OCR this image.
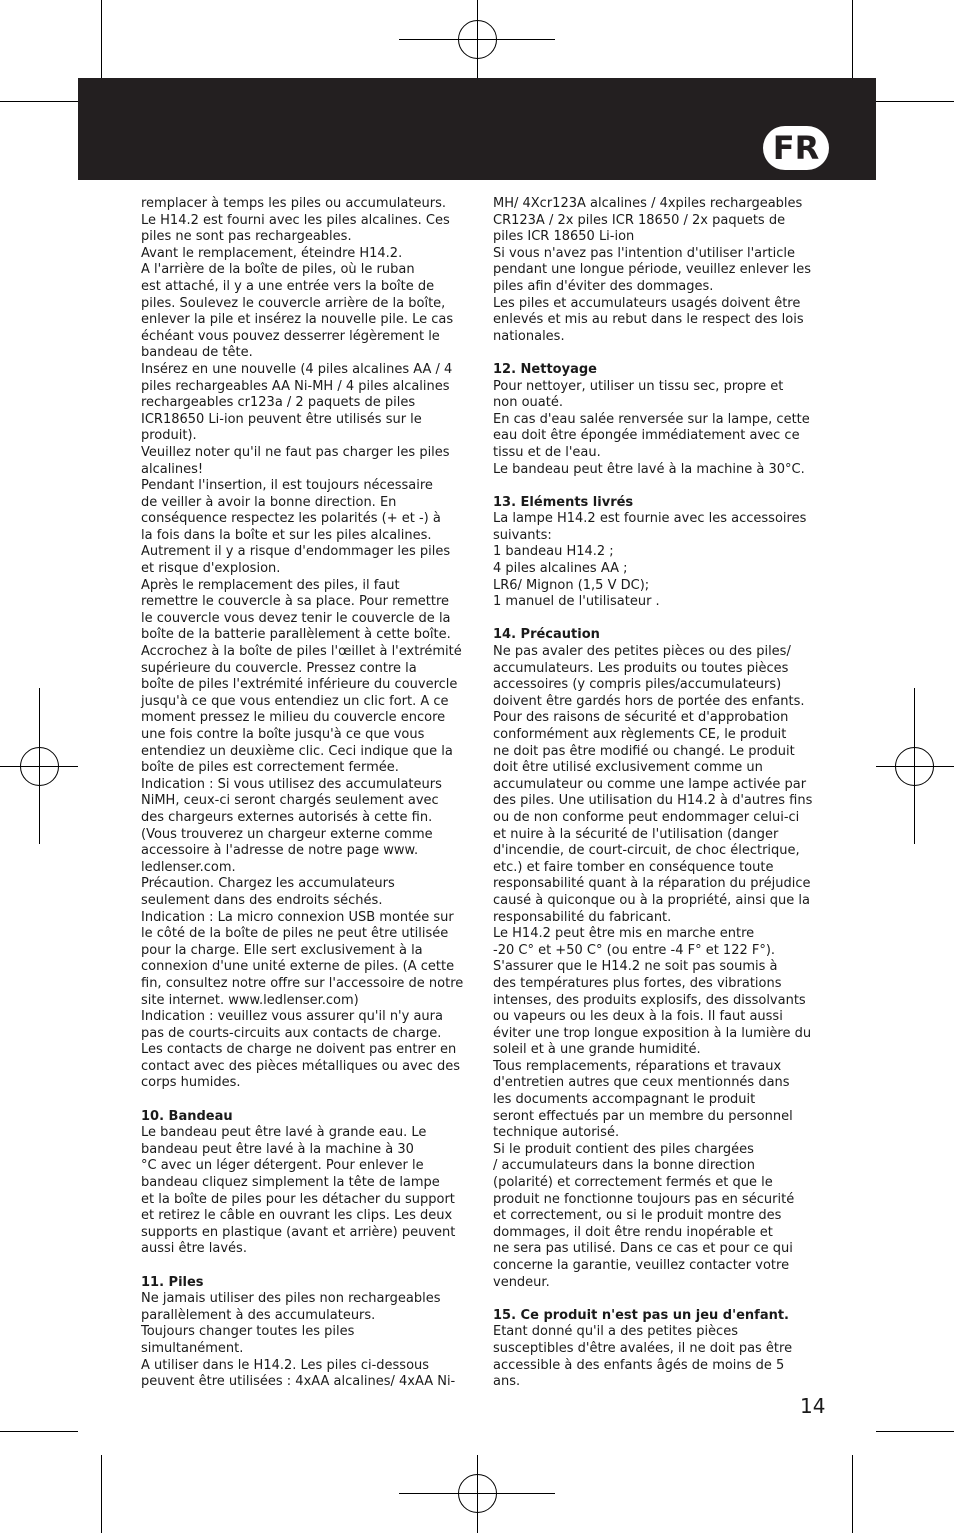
FR

remplacer à temps les piles ou accumulateurs.
Le H14.2 est fourni avec les piles alcalines. Ces
piles ne sont pas rechargeables.
Avant le remplacement, éteindre H14.2.
A l'arrière de la boîte de piles, où le ruban
est attaché, il y a une entrée vers la boîte de
piles. Soulevez le couvercle arrière de la boîte,
enlever la pile et insérez la nouvelle pile. Le cas
échéant vous pouvez desserrer légèrement le
bandeau de tête.
Insérez en une nouvelle (4 piles alcalines AA / 4
piles rechargeables AA Ni-MH / 4 piles alcalines
rechargeables cr123a / 2 paquets de piles
ICR18650 Li-ion peuvent être utilisés sur le
produit).
Veuillez noter qu'il ne faut pas charger les piles
alcalines!
Pendant l'insertion, il est toujours nécessaire
de veiller à avoir la bonne direction. En
conséquence respectez les polarités (+ et -) à
la fois dans la boîte et sur les piles alcalines.
Autrement il y a risque d'endommager les piles
et risque d'explosion.
Après le remplacement des piles, il faut
remettre le couvercle à sa place. Pour remettre
le couvercle vous devez tenir le couvercle de la
boîte de la batterie parallèlement à cette boîte.
Accrochez à la boîte de piles l'œillet à l'extrémité
supérieure du couvercle. Pressez contre la
boîte de piles l'extrémité inférieure du couvercle
jusqu'à ce que vous entendiez un clic fort. A ce
moment pressez le milieu du couvercle encore
une fois contre la boîte jusqu'à ce que vous
entendiez un deuxième clic. Ceci indique que la
boîte de piles est correctement fermée.
Indication : Si vous utilisez des accumulateurs
NiMH, ceux-ci seront chargés seulement avec
des chargeurs externes autorisés à cette fin.
(Vous trouverez un chargeur externe comme
accessoire à l'adresse de notre page www.
ledlenser.com.
Précaution. Chargez les accumulateurs
seulement dans des endroits séchés.
Indication : La micro connexion USB montée sur
le côté de la boîte de piles ne peut être utilisée
pour la charge. Elle sert exclusivement à la
connexion d'une unité externe de piles. (A cette
fin, consultez notre offre sur l'accessoire de notre
site internet. www.ledlenser.com)
Indication : veuillez vous assurer qu'il n'y aura
pas de courts-circuits aux contacts de charge.
Les contacts de charge ne doivent pas entrer en
contact avec des pièces métalliques ou avec des
corps humides.

10. Bandeau

Le bandeau peut être lavé à grande eau. Le
bandeau peut être lavé à la machine à 30
°C avec un léger détergent. Pour enlever le
bandeau cliquez simplement la tête de lampe
et la boîte de piles pour les détacher du support
et retirez le câble en ouvrant les clips. Les deux
supports en plastique (avant et arrière) peuvent
aussi être lavés.

11. Piles

Ne jamais utiliser des piles non rechargeables
parallèlement à des accumulateurs.
Toujours changer toutes les piles
simultanément.
A utiliser dans le H14.2. Les piles ci-dessous
peuvent être utilisées : 4xAA alcalines/ 4xAA Ni-

MH/ 4Xcr123A alcalines / 4xpiles rechargeables
CR123A / 2x piles ICR 18650 / 2x paquets de
piles ICR 18650 Li-ion
Si vous n'avez pas l'intention d'utiliser l'article
pendant une longue période, veuillez enlever les
piles afin d'éviter des dommages.
Les piles et accumulateurs usagés doivent être
enlevés et mis au rebut dans le respect des lois
nationales.

12. Nettoyage

Pour nettoyer, utiliser un tissu sec, propre et
non ouaté.
En cas d'eau salée renversée sur la lampe, cette
eau doit être épongée immédiatement avec ce
tissu et de l'eau.
Le bandeau peut être lavé à la machine à 30°C.

13. Eléments livrés

La lampe H14.2 est fournie avec les accessoires
suivants:
1 bandeau H14.2 ;
4 piles alcalines AA ;
LR6/ Mignon (1,5 V DC);
1 manuel de l'utilisateur .

14. Précaution

Ne pas avaler des petites pièces ou des piles/
accumulateurs. Les produits ou toutes pièces
accessoires (y compris piles/accumulateurs)
doivent être gardés hors de portée des enfants.
Pour des raisons de sécurité et d'approbation
conformément aux règlements CE, le produit
ne doit pas être modifié ou changé. Le produit
doit être utilisé exclusivement comme un
accumulateur ou comme une lampe activée par
des piles. Une utilisation du H14.2 à d'autres fins
ou de non conforme peut endommager celui-ci
et nuire à la sécurité de l'utilisation (danger
d'incendie, de court-circuit, de choc électrique,
etc.) et faire tomber en conséquence toute
responsabilité quant à la réparation du préjudice
causé à quiconque ou à la propriété, ainsi que la
responsabilité du fabricant.
Le H14.2 peut être mis en marche entre
-20 C° et +50 C° (ou entre -4 F° et 122 F°).
S'assurer que le H14.2 ne soit pas soumis à
des températures plus fortes, des vibrations
intenses, des produits explosifs, des dissolvants
ou vapeurs ou les deux à la fois. Il faut aussi
éviter une trop longue exposition à la lumière du
soleil et à une grande humidité.
Tous remplacements, réparations et travaux
d'entretien autres que ceux mentionnés dans
les documents accompagnant le produit
seront effectués par un membre du personnel
technique autorisé.
Si le produit contient des piles chargées
/ accumulateurs dans la bonne direction
(polarité) et correctement fermés et que le
produit ne fonctionne toujours pas en sécurité
et correctement, ou si le produit montre des
dommages, il doit être rendu inopérable et
ne sera pas utilisé. Dans ce cas et pour ce qui
concerne la garantie, veuillez contacter votre
vendeur.

15. Ce produit n'est pas un jeu d'enfant.

Etant donné qu'il a des petites pièces
susceptibles d'être avalées, il ne doit pas être
accessible à des enfants âgés de moins de 5
ans.

14
